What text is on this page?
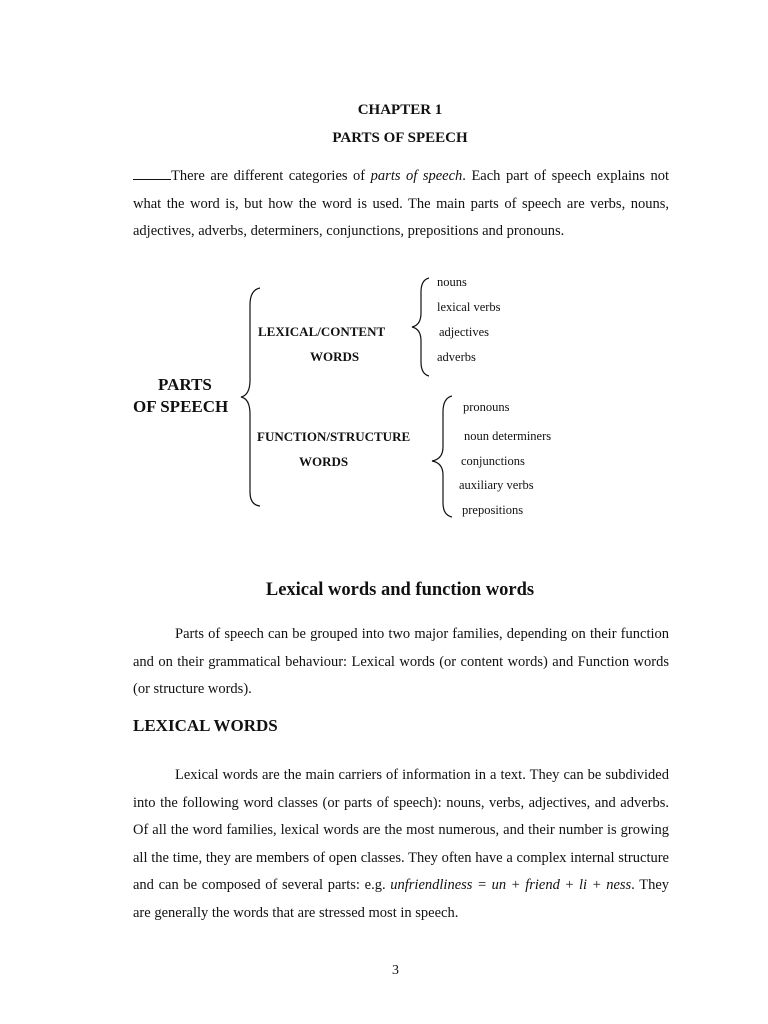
CHAPTER 1
PARTS OF SPEECH
There are different categories of parts of speech. Each part of speech explains not what the word is, but how the word is used. The main parts of speech are verbs, nouns, adjectives, adverbs, determiners, conjunctions, prepositions and pronouns.
PARTS
OF SPEECH
LEXICAL/CONTENT
WORDS
nouns
lexical verbs
adjectives
adverbs
FUNCTION/STRUCTURE
WORDS
pronouns
noun determiners
conjunctions
auxiliary verbs
prepositions
Lexical words and function words
Parts of speech can be grouped into two major families, depending on their function and on their grammatical behaviour: Lexical words (or content words) and Function words (or structure words).
LEXICAL WORDS
Lexical words are the main carriers of information in a text. They can be subdivided into the following word classes (or parts of speech): nouns, verbs, adjectives, and adverbs. Of all the word families, lexical words are the most numerous, and their number is growing all the time, they are members of open classes. They often have a complex internal structure and can be composed of several parts: e.g. unfriendliness = un + friend + li + ness. They are generally the words that are stressed most in speech.
3
